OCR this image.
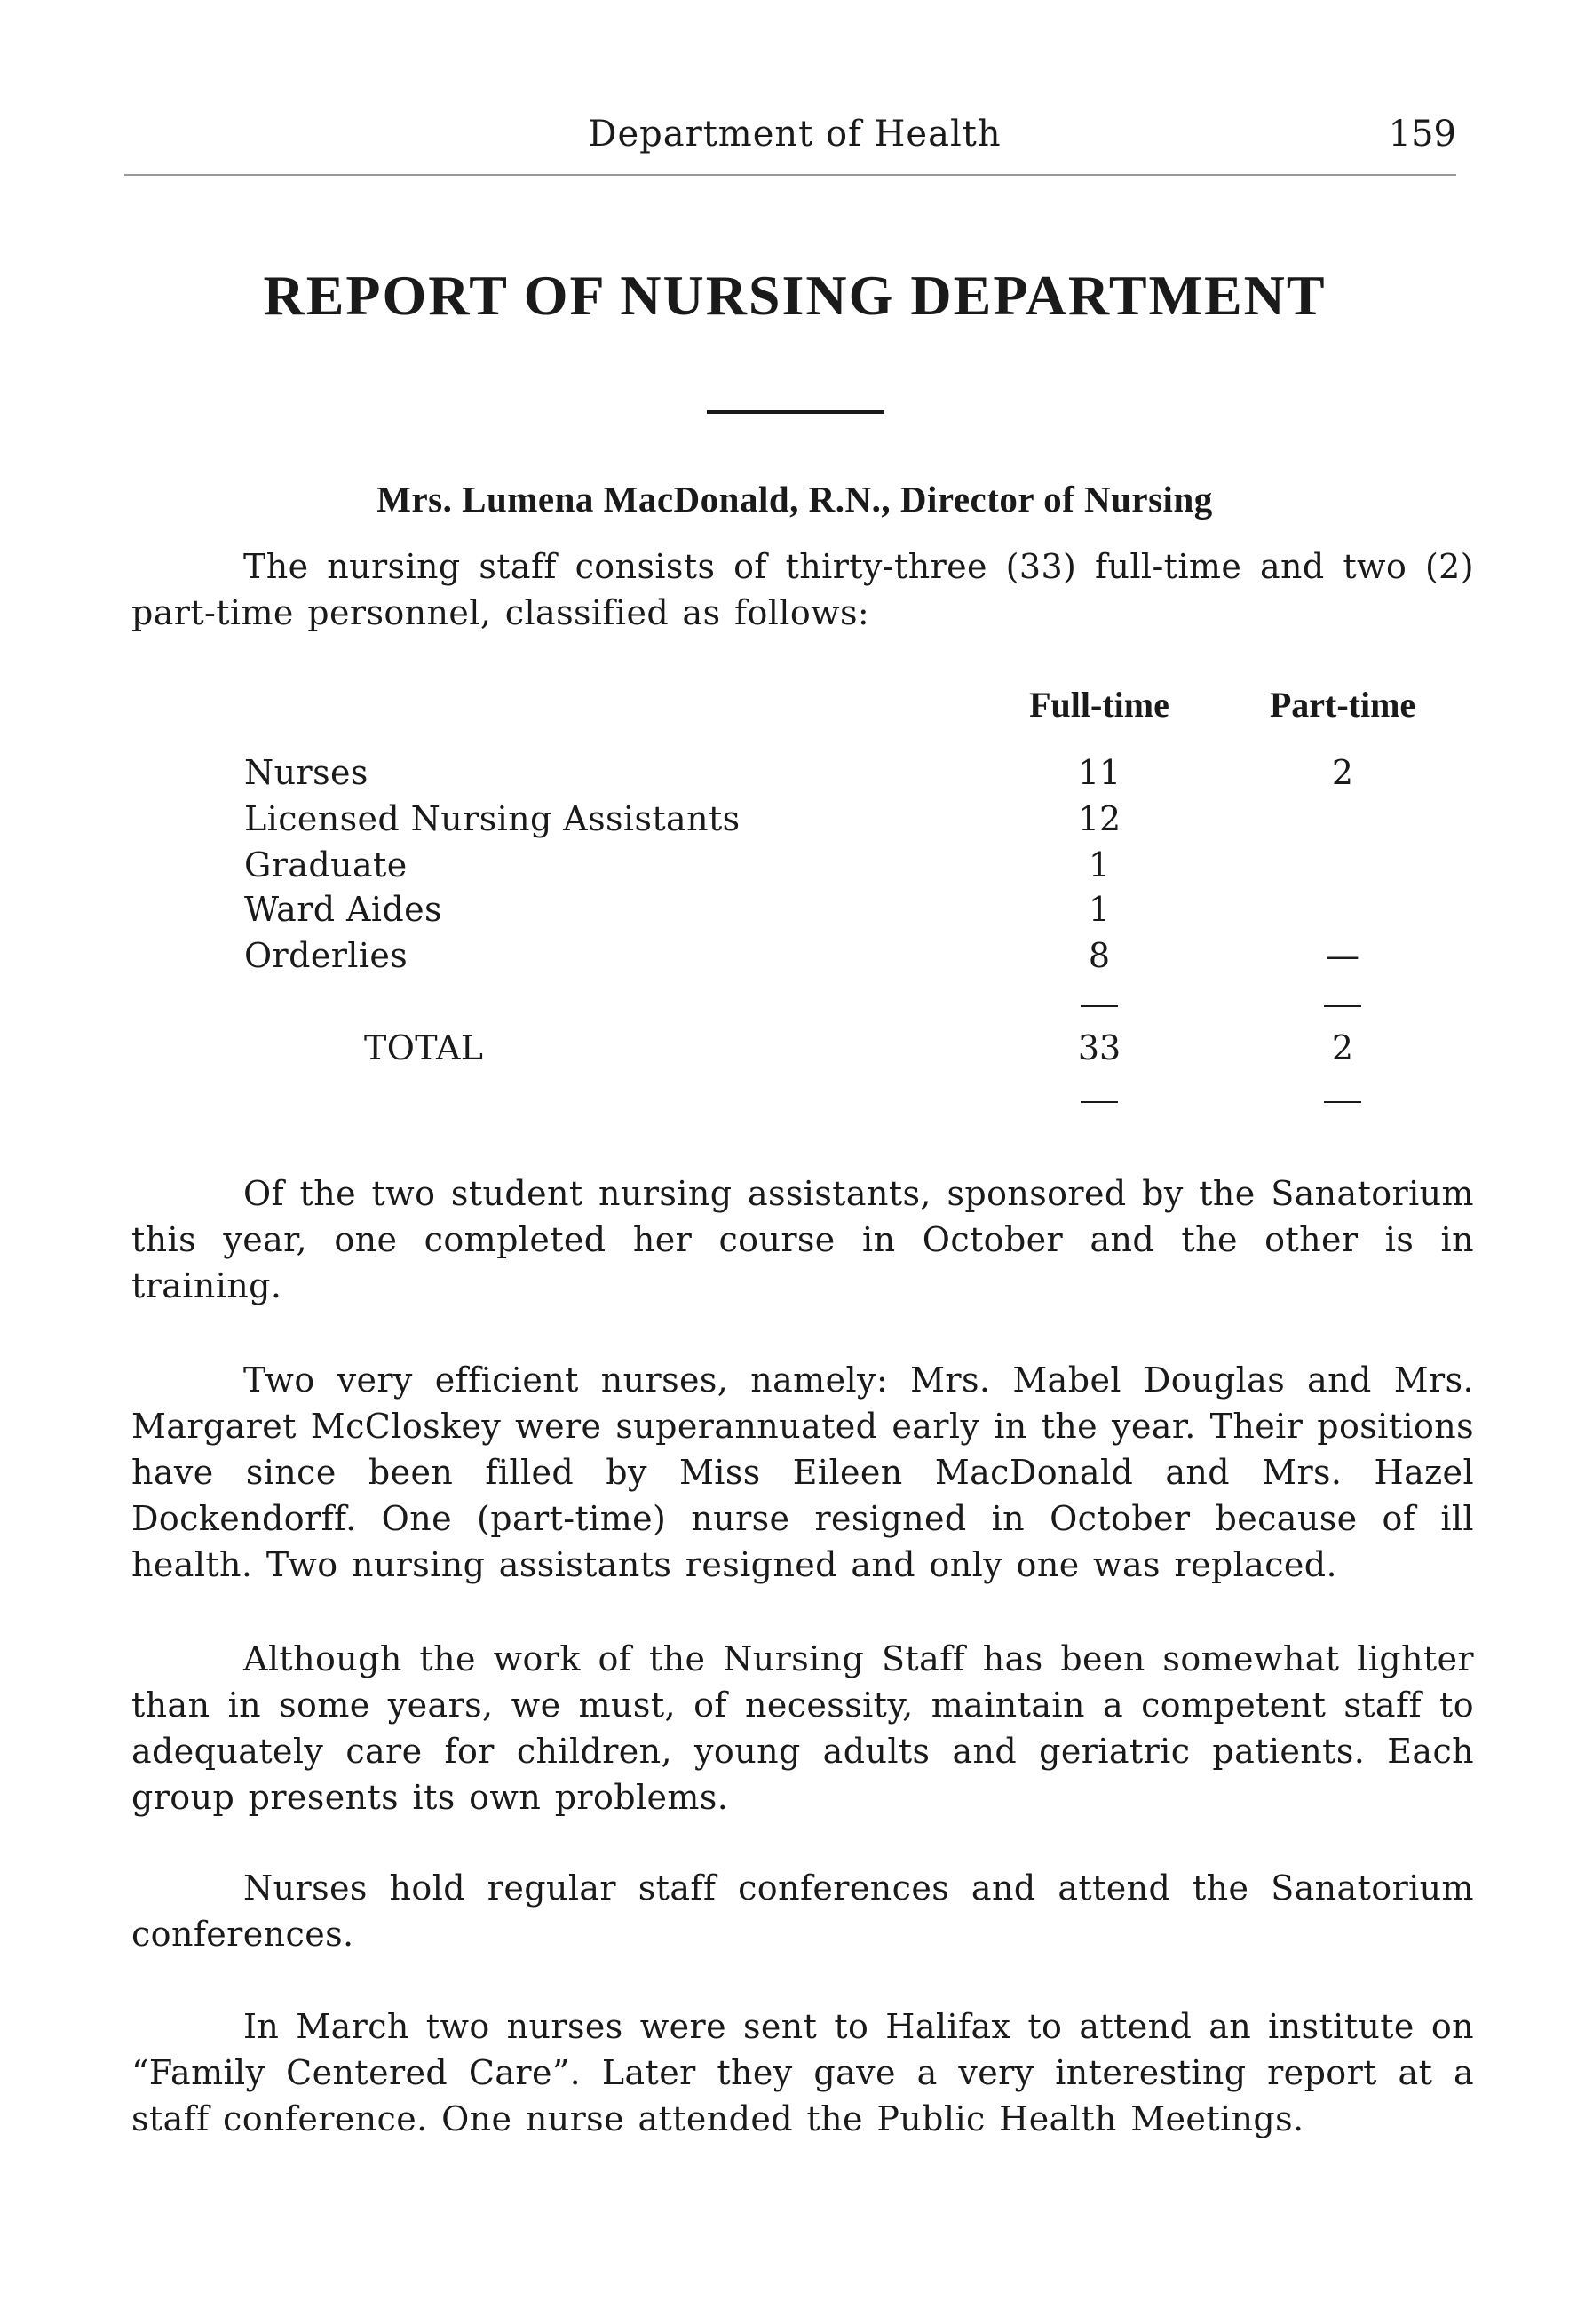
Department of Health	159
REPORT OF NURSING DEPARTMENT
Mrs. Lumena MacDonald, R.N., Director of Nursing

The nursing staff consists of thirty-three (33) full-time and two (2) part-time personnel, classified as follows:

Full-time	Part-time
Nurses	11	2
Licensed Nursing Assistants	12
Graduate	1
Ward Aides	1
Orderlies	8	—
TOTAL	33	2

Of the two student nursing assistants, sponsored by the Sanatorium this year, one completed her course in October and the other is in training.

Two very efficient nurses, namely: Mrs. Mabel Douglas and Mrs. Margaret McCloskey were superannuated early in the year. Their positions have since been filled by Miss Eileen MacDonald and Mrs. Hazel Dockendorff. One (part-time) nurse resigned in October because of ill health. Two nursing assistants resigned and only one was replaced.

Although the work of the Nursing Staff has been somewhat lighter than in some years, we must, of necessity, maintain a competent staff to adequately care for children, young adults and geriatric patients. Each group presents its own problems.

Nurses hold regular staff conferences and attend the Sanatorium conferences.

In March two nurses were sent to Halifax to attend an institute on “Family Centered Care”. Later they gave a very interesting report at a staff conference. One nurse attended the Public Health Meetings.
